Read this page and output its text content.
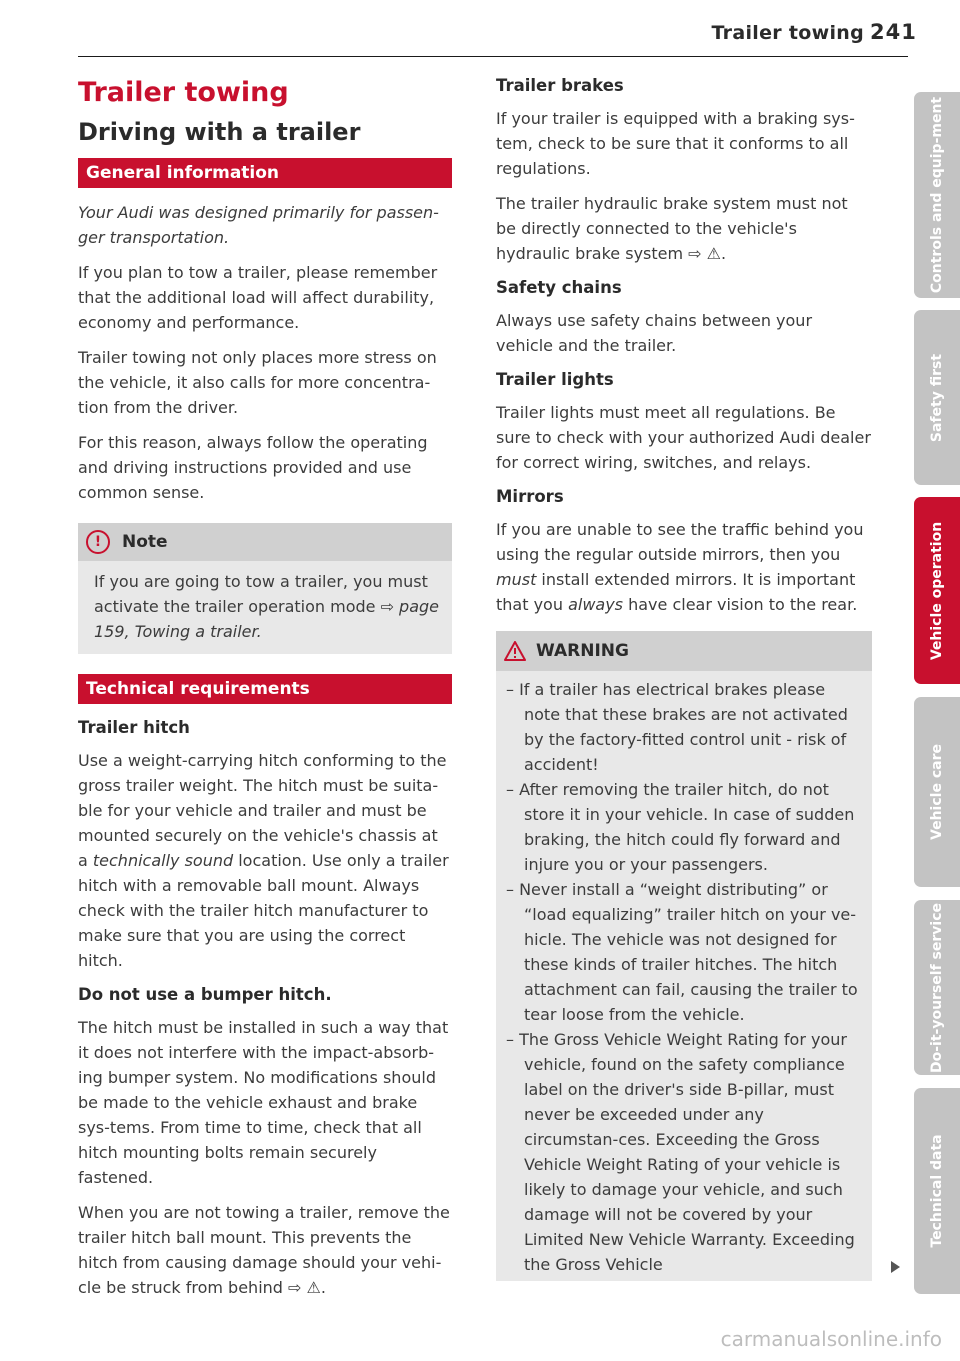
Trailer towing 241
Trailer towing
Driving with a trailer
General information

Your Audi was designed primarily for passen-ger transportation.

If you plan to tow a trailer, please remember that the additional load will affect durability, economy and performance.

Trailer towing not only places more stress on the vehicle, it also calls for more concentra-tion from the driver.

For this reason, always follow the operating and driving instructions provided and use common sense.

!	Note

If you are going to tow a trailer, you must activate the trailer operation mode ⇨ page 159, Towing a trailer.

Technical requirements
Trailer hitch

Use a weight-carrying hitch conforming to the gross trailer weight. The hitch must be suita-ble for your vehicle and trailer and must be mounted securely on the vehicle's chassis at a technically sound location. Use only a trailer hitch with a removable ball mount. Always check with the trailer hitch manufacturer to make sure that you are using the correct hitch.

Do not use a bumper hitch.

The hitch must be installed in such a way that it does not interfere with the impact-absorb-ing bumper system. No modifications should be made to the vehicle exhaust and brake sys-tems. From time to time, check that all hitch mounting bolts remain securely fastened.

When you are not towing a trailer, remove the trailer hitch ball mount. This prevents the hitch from causing damage should your vehi-cle be struck from behind ⇨ ⚠.

Trailer brakes

If your trailer is equipped with a braking sys-tem, check to be sure that it conforms to all regulations.

The trailer hydraulic brake system must not be directly connected to the vehicle's hydraulic brake system ⇨ ⚠.

Safety chains

Always use safety chains between your vehicle and the trailer.

Trailer lights

Trailer lights must meet all regulations. Be sure to check with your authorized Audi dealer for correct wiring, switches, and relays.

Mirrors

If you are unable to see the traffic behind you using the regular outside mirrors, then you must install extended mirrors. It is important that you always have clear vision to the rear.

WARNING
– If a trailer has electrical brakes please note that these brakes are not activated by the factory-fitted control unit - risk of accident!
– After removing the trailer hitch, do not store it in your vehicle. In case of sudden braking, the hitch could fly forward and injure you or your passengers.
– Never install a “weight distributing” or “load equalizing” trailer hitch on your ve-hicle. The vehicle was not designed for these kinds of trailer hitches. The hitch attachment can fail, causing the trailer to tear loose from the vehicle.
– The Gross Vehicle Weight Rating for your vehicle, found on the safety compliance label on the driver's side B-pillar, must never be exceeded under any circumstan-ces. Exceeding the Gross Vehicle Weight Rating of your vehicle is likely to damage your vehicle, and such damage will not be covered by your Limited New Vehicle Warranty. Exceeding the Gross Vehicle
Controls and equip-ment
Safety first
Vehicle operation
Vehicle care
Do-it-yourself service
Technical data
carmanualsonline.info
